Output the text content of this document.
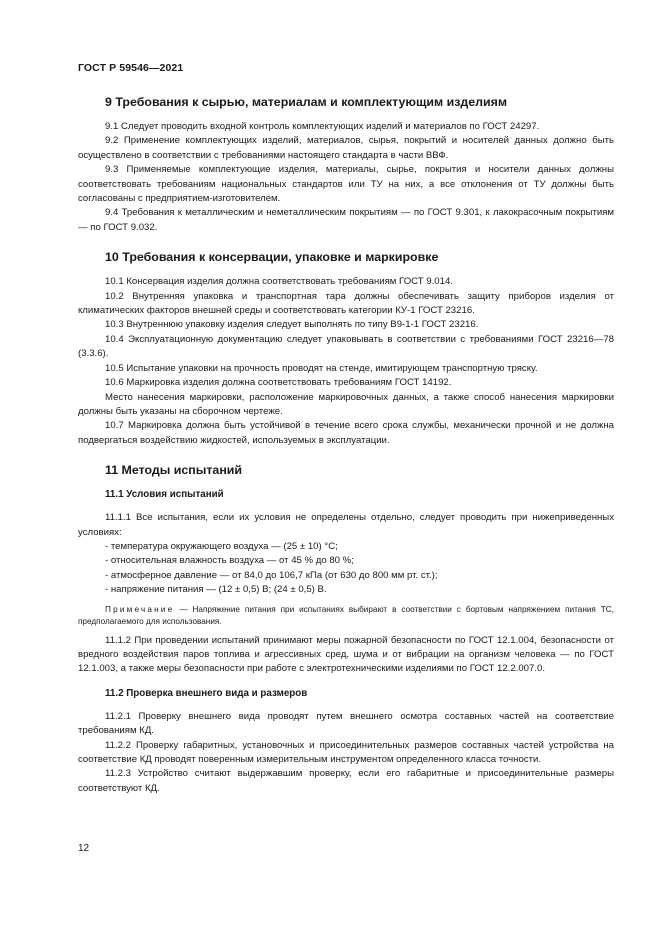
ГОСТ Р 59546—2021
9 Требования к сырью, материалам и комплектующим изделиям

9.1 Следует проводить входной контроль комплектующих изделий и материалов по ГОСТ 24297.

9.2 Применение комплектующих изделий, материалов, сырья, покрытий и носителей данных должно быть осуществлено в соответствии с требованиями настоящего стандарта в части ВВФ.

9.3 Применяемые комплектующие изделия, материалы, сырье, покрытия и носители данных должны соответствовать требованиям национальных стандартов или ТУ на них, а все отклонения от ТУ должны быть согласованы с предприятием-изготовителем.

9.4 Требования к металлическим и неметаллическим покрытиям — по ГОСТ 9.301, к лакокрасочным покрытиям — по ГОСТ 9.032.

10 Требования к консервации, упаковке и маркировке

10.1 Консервация изделия должна соответствовать требованиям ГОСТ 9.014.

10.2 Внутренняя упаковка и транспортная тара должны обеспечивать защиту приборов изделия от климатических факторов внешней среды и соответствовать категории КУ-1 ГОСТ 23216.

10.3 Внутреннюю упаковку изделия следует выполнять по типу В9-1-1 ГОСТ 23216.

10.4 Эксплуатационную документацию следует упаковывать в соответствии с требованиями ГОСТ 23216—78 (3.3.6).

10.5 Испытание упаковки на прочность проводят на стенде, имитирующем транспортную тряску.

10.6 Маркировка изделия должна соответствовать требованиям ГОСТ 14192.

Место нанесения маркировки, расположение маркировочных данных, а также способ нанесения маркировки должны быть указаны на сборочном чертеже.

10.7 Маркировка должна быть устойчивой в течение всего срока службы, механически прочной и не должна подвергаться воздействию жидкостей, используемых в эксплуатации.

11 Методы испытаний
11.1 Условия испытаний

11.1.1 Все испытания, если их условия не определены отдельно, следует проводить при нижеприведенных условиях:

- температура окружающего воздуха — (25 ± 10) °С;
- относительная влажность воздуха — от 45 % до 80 %;
- атмосферное давление — от 84,0 до 106,7 кПа (от 630 до 800 мм рт. ст.);
- напряжение питания — (12 ± 0,5) В; (24 ± 0,5) В.

Примечание — Напряжение питания при испытаниях выбирают в соответствии с бортовым напряжением питания ТС, предполагаемого для использования.

11.1.2 При проведении испытаний принимают меры пожарной безопасности по ГОСТ 12.1.004, безопасности от вредного воздействия паров топлива и агрессивных сред, шума и от вибрации на организм человека — по ГОСТ 12.1.003, а также меры безопасности при работе с электротехническими изделиями по ГОСТ 12.2.007.0.

11.2 Проверка внешнего вида и размеров

11.2.1 Проверку внешнего вида проводят путем внешнего осмотра составных частей на соответствие требованиям КД.

11.2.2 Проверку габаритных, установочных и присоединительных размеров составных частей устройства на соответствие КД проводят поверенным измерительным инструментом определенного класса точности.

11.2.3 Устройство считают выдержавшим проверку, если его габаритные и присоединительные размеры соответствуют КД.

12
